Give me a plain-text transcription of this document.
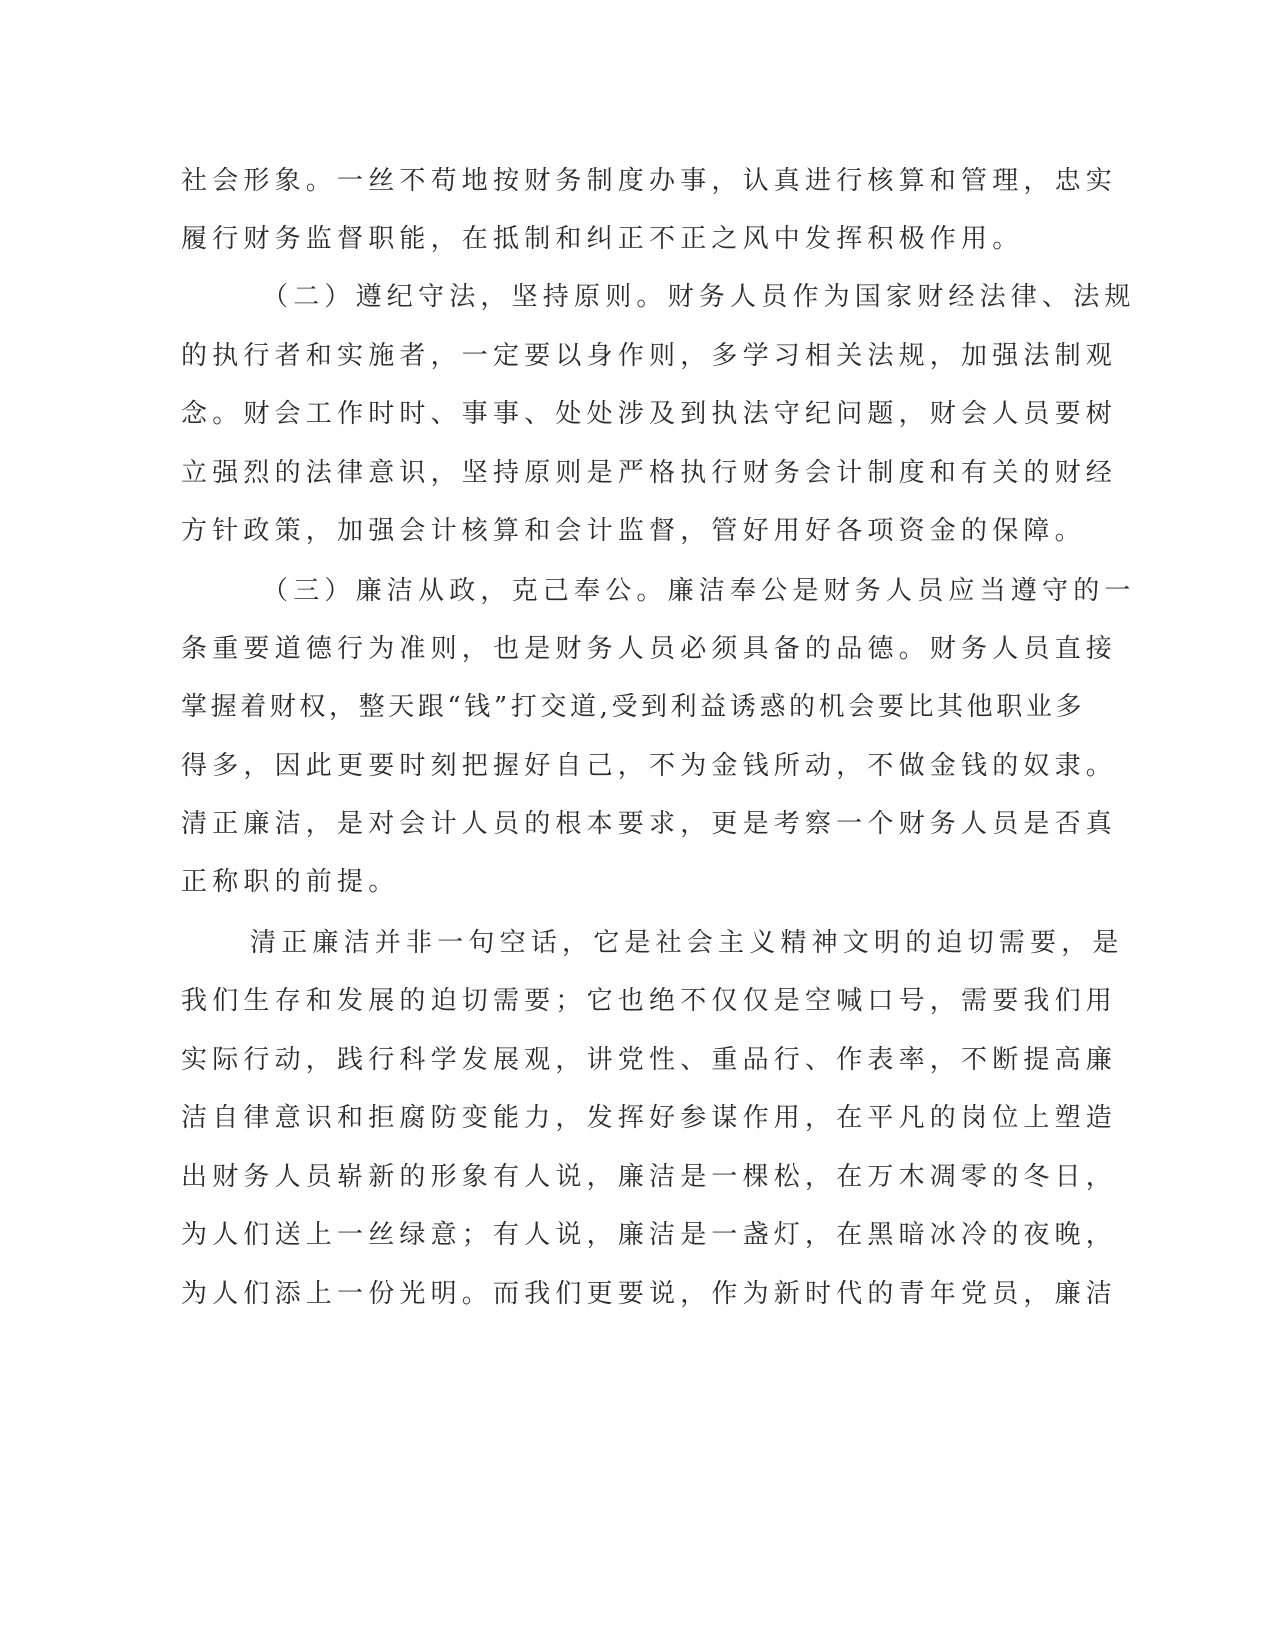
社会形象。一丝不苟地按财务制度办事，认真进行核算和管理，忠实
履行财务监督职能，在抵制和纠正不正之风中发挥积极作用。
（二）遵纪守法，坚持原则。财务人员作为国家财经法律、法规
的执行者和实施者，一定要以身作则，多学习相关法规，加强法制观
念。财会工作时时、事事、处处涉及到执法守纪问题，财会人员要树
立强烈的法律意识，坚持原则是严格执行财务会计制度和有关的财经
方针政策，加强会计核算和会计监督，管好用好各项资金的保障。
（三）廉洁从政，克己奉公。廉洁奉公是财务人员应当遵守的一
条重要道德行为准则，也是财务人员必须具备的品德。财务人员直接
掌握着财权，整天跟“钱”打交道,受到利益诱惑的机会要比其他职业多
得多，因此更要时刻把握好自己，不为金钱所动，不做金钱的奴隶。
清正廉洁，是对会计人员的根本要求，更是考察一个财务人员是否真
正称职的前提。
清正廉洁并非一句空话，它是社会主义精神文明的迫切需要，是
我们生存和发展的迫切需要；它也绝不仅仅是空喊口号，需要我们用
实际行动，践行科学发展观，讲党性、重品行、作表率，不断提高廉
洁自律意识和拒腐防变能力，发挥好参谋作用，在平凡的岗位上塑造
出财务人员崭新的形象有人说，廉洁是一棵松，在万木凋零的冬日，
为人们送上一丝绿意；有人说，廉洁是一盏灯，在黑暗冰冷的夜晚，
为人们添上一份光明。而我们更要说，作为新时代的青年党员，廉洁
